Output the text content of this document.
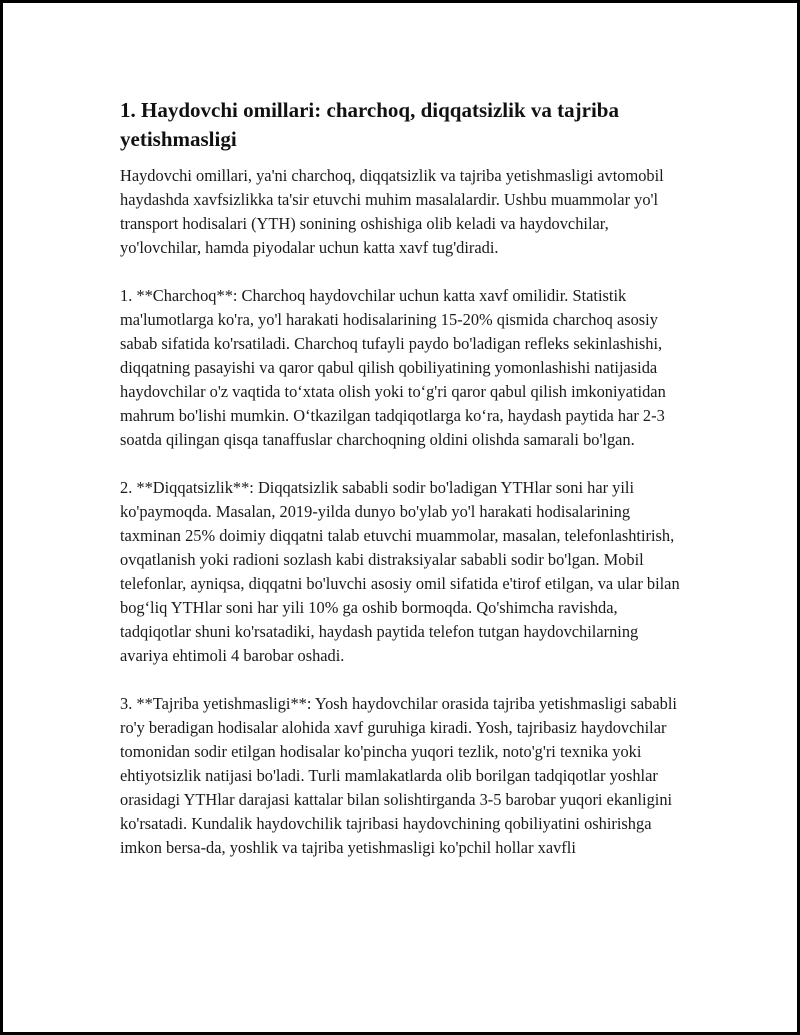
1. Haydovchi omillari: charchoq, diqqatsizlik va tajriba yetishmasligi

Haydovchi omillari, ya'ni charchoq, diqqatsizlik va tajriba yetishmasligi avtomobil haydashda xavfsizlikka ta'sir etuvchi muhim masalalardir. Ushbu muammolar yo'l transport hodisalari (YTH) sonining oshishiga olib keladi va haydovchilar, yo'lovchilar, hamda piyodalar uchun katta xavf tug'diradi.

1. **Charchoq**: Charchoq haydovchilar uchun katta xavf omilidir. Statistik ma'lumotlarga ko'ra, yo'l harakati hodisalarining 15-20% qismida charchoq asosiy sabab sifatida ko'rsatiladi. Charchoq tufayli paydo bo'ladigan refleks sekinlashishi, diqqatning pasayishi va qaror qabul qilish qobiliyatining yomonlashishi natijasida haydovchilar o'z vaqtida to‘xtata olish yoki to‘g'ri qaror qabul qilish imkoniyatidan mahrum bo'lishi mumkin. O‘tkazilgan tadqiqotlarga ko‘ra, haydash paytida har 2-3 soatda qilingan qisqa tanaffuslar charchoqning oldini olishda samarali bo'lgan.

2. **Diqqatsizlik**: Diqqatsizlik sababli sodir bo'ladigan YTHlar soni har yili ko'paymoqda. Masalan, 2019-yilda dunyo bo'ylab yo'l harakati hodisalarining taxminan 25% doimiy diqqatni talab etuvchi muammolar, masalan, telefonlashtirish, ovqatlanish yoki radioni sozlash kabi distraksiyalar sababli sodir bo'lgan. Mobil telefonlar, ayniqsa, diqqatni bo'luvchi asosiy omil sifatida e'tirof etilgan, va ular bilan bog‘liq YTHlar soni har yili 10% ga oshib bormoqda. Qo'shimcha ravishda, tadqiqotlar shuni ko'rsatadiki, haydash paytida telefon tutgan haydovchilarning avariya ehtimoli 4 barobar oshadi.

3. **Tajriba yetishmasligi**: Yosh haydovchilar orasida tajriba yetishmasligi sababli ro'y beradigan hodisalar alohida xavf guruhiga kiradi. Yosh, tajribasiz haydovchilar tomonidan sodir etilgan hodisalar ko'pincha yuqori tezlik, noto'g'ri texnika yoki ehtiyotsizlik natijasi bo'ladi. Turli mamlakatlarda olib borilgan tadqiqotlar yoshlar orasidagi YTHlar darajasi kattalar bilan solishtirganda 3-5 barobar yuqori ekanligini ko'rsatadi. Kundalik haydovchilik tajribasi haydovchining qobiliyatini oshirishga imkon bersa-da, yoshlik va tajriba yetishmasligi ko'pchil hollar xavfli
